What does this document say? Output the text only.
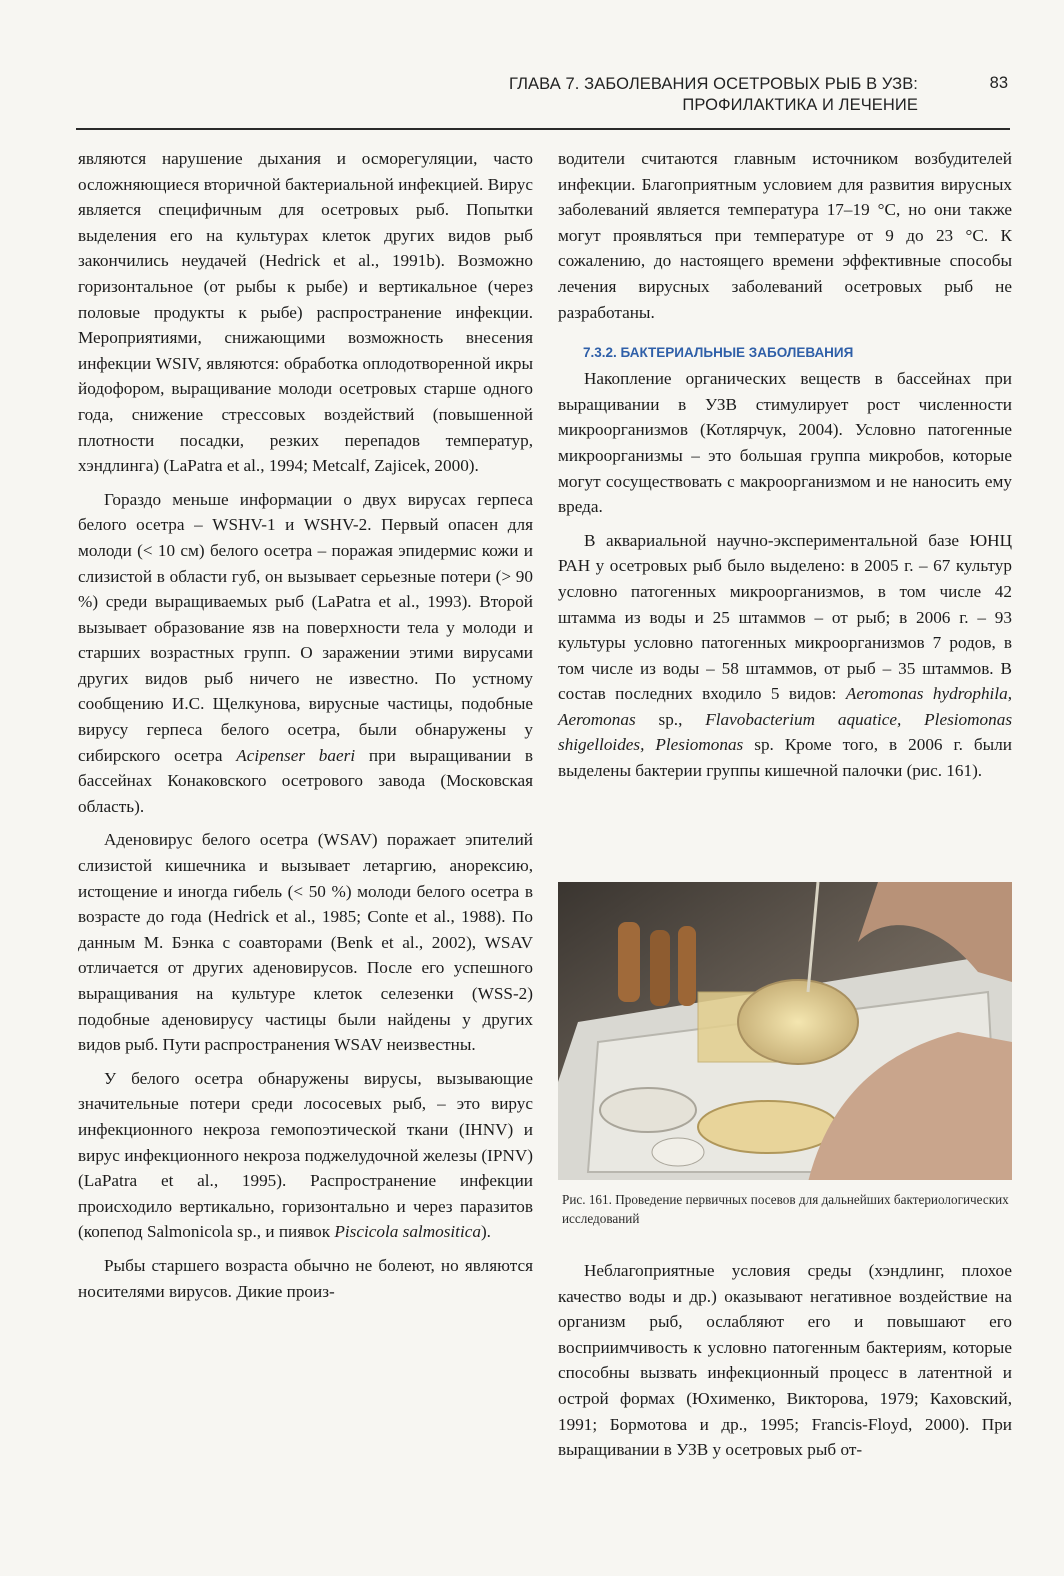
ГЛАВА 7. ЗАБОЛЕВАНИЯ ОСЕТРОВЫХ РЫБ В УЗВ:
ПРОФИЛАКТИКА И ЛЕЧЕНИЕ
83

являются нарушение дыхания и осморегуляции, часто осложняющиеся вторичной бактериальной инфекцией. Вирус является специфичным для осетровых рыб. Попытки выделения его на культурах клеток других видов рыб закончились неудачей (Hedrick et al., 1991b). Возможно горизонтальное (от рыбы к рыбе) и вертикальное (через половые продукты к рыбе) распространение инфекции. Мероприятиями, снижающими возможность внесения инфекции WSIV, являются: обработка оплодотворенной икры йодофором, выращивание молоди осетровых старше одного года, снижение стрессовых воздействий (повышенной плотности посадки, резких перепадов температур, хэндлинга) (LaPatra et al., 1994; Metcalf, Zajicek, 2000).

Гораздо меньше информации о двух вирусах герпеса белого осетра – WSHV-1 и WSHV-2. Первый опасен для молоди (< 10 см) белого осетра – поражая эпидермис кожи и слизистой в области губ, он вызывает серьезные потери (> 90 %) среди выращиваемых рыб (LaPatra et al., 1993). Второй вызывает образование язв на поверхности тела у молоди и старших возрастных групп. О заражении этими вирусами других видов рыб ничего не известно. По устному сообщению И.С. Щелкунова, вирусные частицы, подобные вирусу герпеса белого осетра, были обнаружены у сибирского осетра Acipenser baeri при выращивании в бассейнах Конаковского осетрового завода (Московская область).

Аденовирус белого осетра (WSAV) поражает эпителий слизистой кишечника и вызывает летаргию, анорексию, истощение и иногда гибель (< 50 %) молоди белого осетра в возрасте до года (Hedrick et al., 1985; Conte et al., 1988). По данным М. Бэнка с соавторами (Benk et al., 2002), WSAV отличается от других аденовирусов. После его успешного выращивания на культуре клеток селезенки (WSS-2) подобные аденовирусу частицы были найдены у других видов рыб. Пути распространения WSAV неизвестны.

У белого осетра обнаружены вирусы, вызывающие значительные потери среди лососевых рыб, – это вирус инфекционного некроза гемопоэтической ткани (IHNV) и вирус инфекционного некроза поджелудочной железы (IPNV) (LaPatra et al., 1995). Распространение инфекции происходило вертикально, горизонтально и через паразитов (копепод Salmonicola sp., и пиявок Piscicola salmositica).

Рыбы старшего возраста обычно не болеют, но являются носителями вирусов. Дикие произ-

водители считаются главным источником возбудителей инфекции. Благоприятным условием для развития вирусных заболеваний является температура 17–19 °С, но они также могут проявляться при температуре от 9 до 23 °С. К сожалению, до настоящего времени эффективные способы лечения вирусных заболеваний осетровых рыб не разработаны.

7.3.2. БАКТЕРИАЛЬНЫЕ ЗАБОЛЕВАНИЯ

Накопление органических веществ в бассейнах при выращивании в УЗВ стимулирует рост численности микроорганизмов (Котлярчук, 2004). Условно патогенные микроорганизмы – это большая группа микробов, которые могут сосуществовать с макроорганизмом и не наносить ему вреда.

В аквариальной научно-экспериментальной базе ЮНЦ РАН у осетровых рыб было выделено: в 2005 г. – 67 культур условно патогенных микроорганизмов, в том числе 42 штамма из воды и 25 штаммов – от рыб; в 2006 г. – 93 культуры условно патогенных микроорганизмов 7 родов, в том числе из воды – 58 штаммов, от рыб – 35 штаммов. В состав последних входило 5 видов: Aeromonas hydrophila, Aeromonas sp., Flavobacterium aquatice, Plesiomonas shigelloides, Plesiomonas sp. Кроме того, в 2006 г. были выделены бактерии группы кишечной палочки (рис. 161).

Рис. 161. Проведение первичных посевов для дальнейших бактериологических исследований

Неблагоприятные условия среды (хэндлинг, плохое качество воды и др.) оказывают негативное воздействие на организм рыб, ослабляют его и повышают его восприимчивость к условно патогенным бактериям, которые способны вызвать инфекционный процесс в латентной и острой формах (Юхименко, Викторова, 1979; Каховский, 1991; Бормотова и др., 1995; Francis-Floyd, 2000). При выращивании в УЗВ у осетровых рыб от-
